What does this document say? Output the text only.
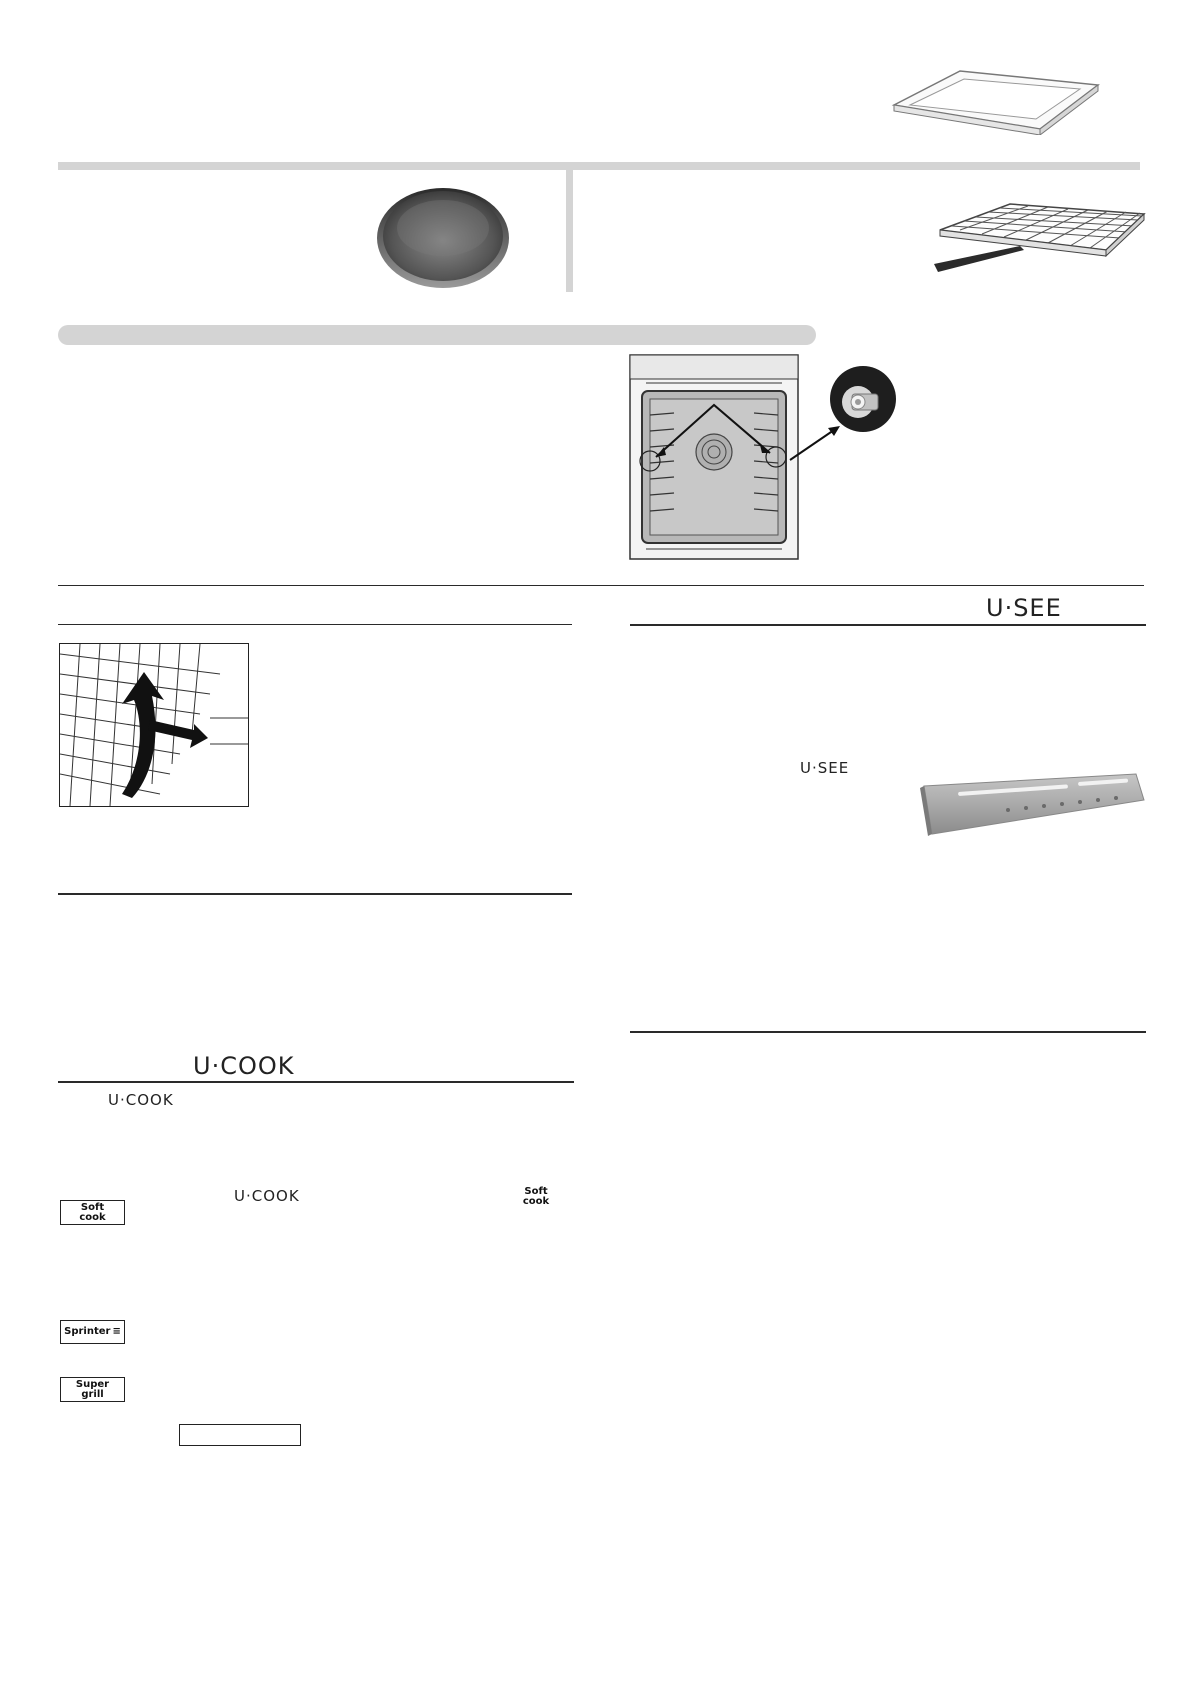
U·SEE
U·SEE
U·COOK
U·COOK
Soft
cook
U·COOK	Soft
cook
Sprinter ≡
Super
grill
